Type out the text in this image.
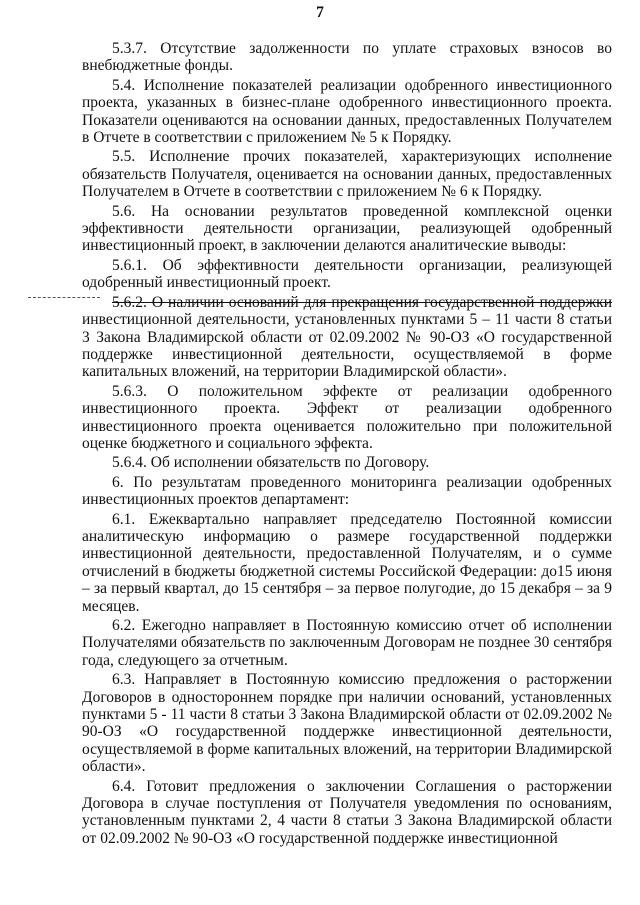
7

5.3.7. Отсутствие задолженности по уплате страховых взносов во внебюджетные фонды.

5.4. Исполнение показателей реализации одобренного инвестиционного проекта, указанных в бизнес-плане одобренного инвестиционного проекта. Показатели оцениваются на основании данных, предоставленных Получателем в Отчете в соответствии с приложением № 5 к Порядку.

5.5. Исполнение прочих показателей, характеризующих исполнение обязательств Получателя, оценивается на основании данных, предоставленных Получателем в Отчете в соответствии с приложением № 6 к Порядку.

5.6. На основании результатов проведенной комплексной оценки эффективности деятельности организации, реализующей одобренный инвестиционный проект, в заключении делаются аналитические выводы:

5.6.1. Об эффективности деятельности организации, реализующей одобренный инвестиционный проект.

5.6.2. О наличии оснований для прекращения государственной поддержки инвестиционной деятельности, установленных пунктами 5 – 11 части 8 статьи 3 Закона Владимирской области от 02.09.2002 № 90-ОЗ «О государственной поддержке инвестиционной деятельности, осуществляемой в форме капитальных вложений, на территории Владимирской области».

5.6.3. О положительном эффекте от реализации одобренного инвестиционного проекта. Эффект от реализации одобренного инвестиционного проекта оценивается положительно при положительной оценке бюджетного и социального эффекта.

5.6.4. Об исполнении обязательств по Договору.

6. По результатам проведенного мониторинга реализации одобренных инвестиционных проектов департамент:

6.1. Ежеквартально направляет председателю Постоянной комиссии аналитическую информацию о размере государственной поддержки инвестиционной деятельности, предоставленной Получателям, и о сумме отчислений в бюджеты бюджетной системы Российской Федерации: до15 июня – за первый квартал, до 15 сентября – за первое полугодие, до 15 декабря – за 9 месяцев.

6.2. Ежегодно направляет в Постоянную комиссию отчет об исполнении Получателями обязательств по заключенным Договорам не позднее 30 сентября года, следующего за отчетным.

6.3. Направляет в Постоянную комиссию предложения о расторжении Договоров в одностороннем порядке при наличии оснований, установленных пунктами 5 - 11 части 8 статьи 3 Закона Владимирской области от 02.09.2002 № 90-ОЗ «О государственной поддержке инвестиционной деятельности, осуществляемой в форме капитальных вложений, на территории Владимирской области».

6.4. Готовит предложения о заключении Соглашения о расторжении Договора в случае поступления от Получателя уведомления по основаниям, установленным пунктами 2, 4 части 8 статьи 3 Закона Владимирской области от 02.09.2002 № 90-ОЗ «О государственной поддержке инвестиционной
